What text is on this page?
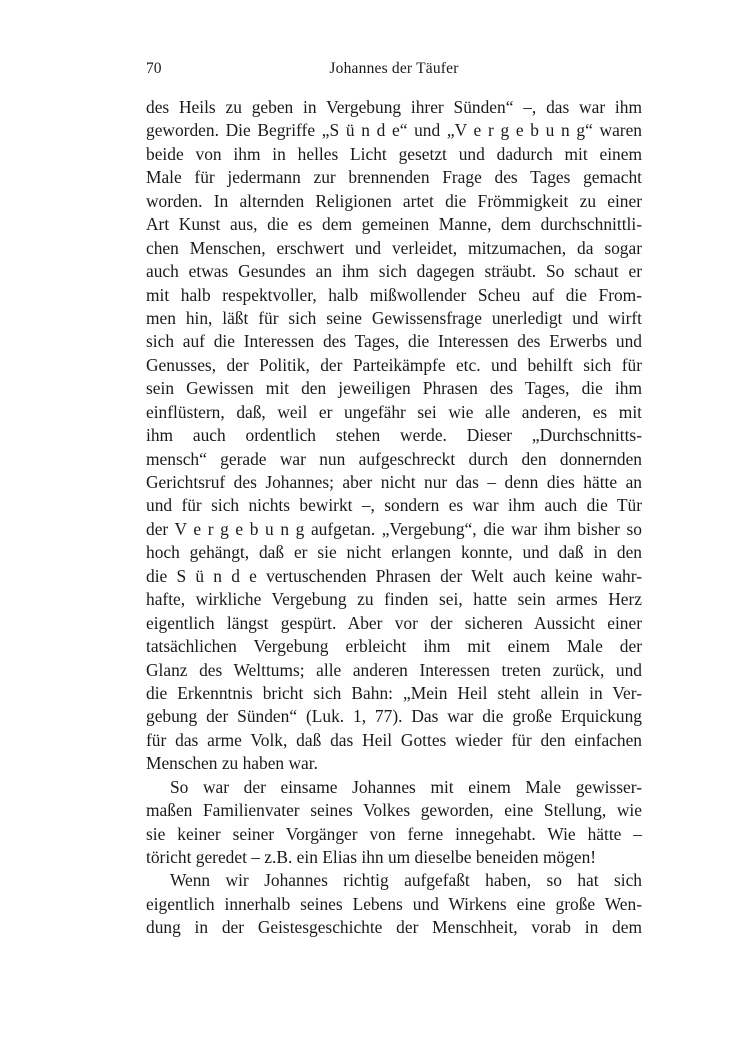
70	Johannes der Täufer
des Heils zu geben in Vergebung ihrer Sünden“ –, das war ihm
geworden. Die Begriffe „S ü n d e“ und „V e r g e b u n g“ waren
beide von ihm in helles Licht gesetzt und dadurch mit einem
Male für jedermann zur brennenden Frage des Tages gemacht
worden. In alternden Religionen artet die Frömmigkeit zu einer
Art Kunst aus, die es dem gemeinen Manne, dem durchschnittli-
chen Menschen, erschwert und verleidet, mitzumachen, da sogar
auch etwas Gesundes an ihm sich dagegen sträubt. So schaut er
mit halb respektvoller, halb mißwollender Scheu auf die From-
men hin, läßt für sich seine Gewissensfrage unerledigt und wirft
sich auf die Interessen des Tages, die Interessen des Erwerbs und
Genusses, der Politik, der Parteikämpfe etc. und behilft sich für
sein Gewissen mit den jeweiligen Phrasen des Tages, die ihm
einflüstern, daß, weil er ungefähr sei wie alle anderen, es mit
ihm auch ordentlich stehen werde. Dieser „Durchschnitts-
mensch“ gerade war nun aufgeschreckt durch den donnernden
Gerichtsruf des Johannes; aber nicht nur das – denn dies hätte an
und für sich nichts bewirkt –, sondern es war ihm auch die Tür
der V e r g e b u n g aufgetan. „Vergebung“, die war ihm bisher so
hoch gehängt, daß er sie nicht erlangen konnte, und daß in den
die S ü n d e vertuschenden Phrasen der Welt auch keine wahr-
hafte, wirkliche Vergebung zu finden sei, hatte sein armes Herz
eigentlich längst gespürt. Aber vor der sicheren Aussicht einer
tatsächlichen Vergebung erbleicht ihm mit einem Male der
Glanz des Welttums; alle anderen Interessen treten zurück, und
die Erkenntnis bricht sich Bahn: „Mein Heil steht allein in Ver-
gebung der Sünden“ (Luk. 1, 77). Das war die große Erquickung
für das arme Volk, daß das Heil Gottes wieder für den einfachen
Menschen zu haben war.
So war der einsame Johannes mit einem Male gewisser-
maßen Familienvater seines Volkes geworden, eine Stellung, wie
sie keiner seiner Vorgänger von ferne innegehabt. Wie hätte –
töricht geredet – z.B. ein Elias ihn um dieselbe beneiden mögen!
Wenn wir Johannes richtig aufgefaßt haben, so hat sich
eigentlich innerhalb seines Lebens und Wirkens eine große Wen-
dung in der Geistesgeschichte der Menschheit, vorab in dem
